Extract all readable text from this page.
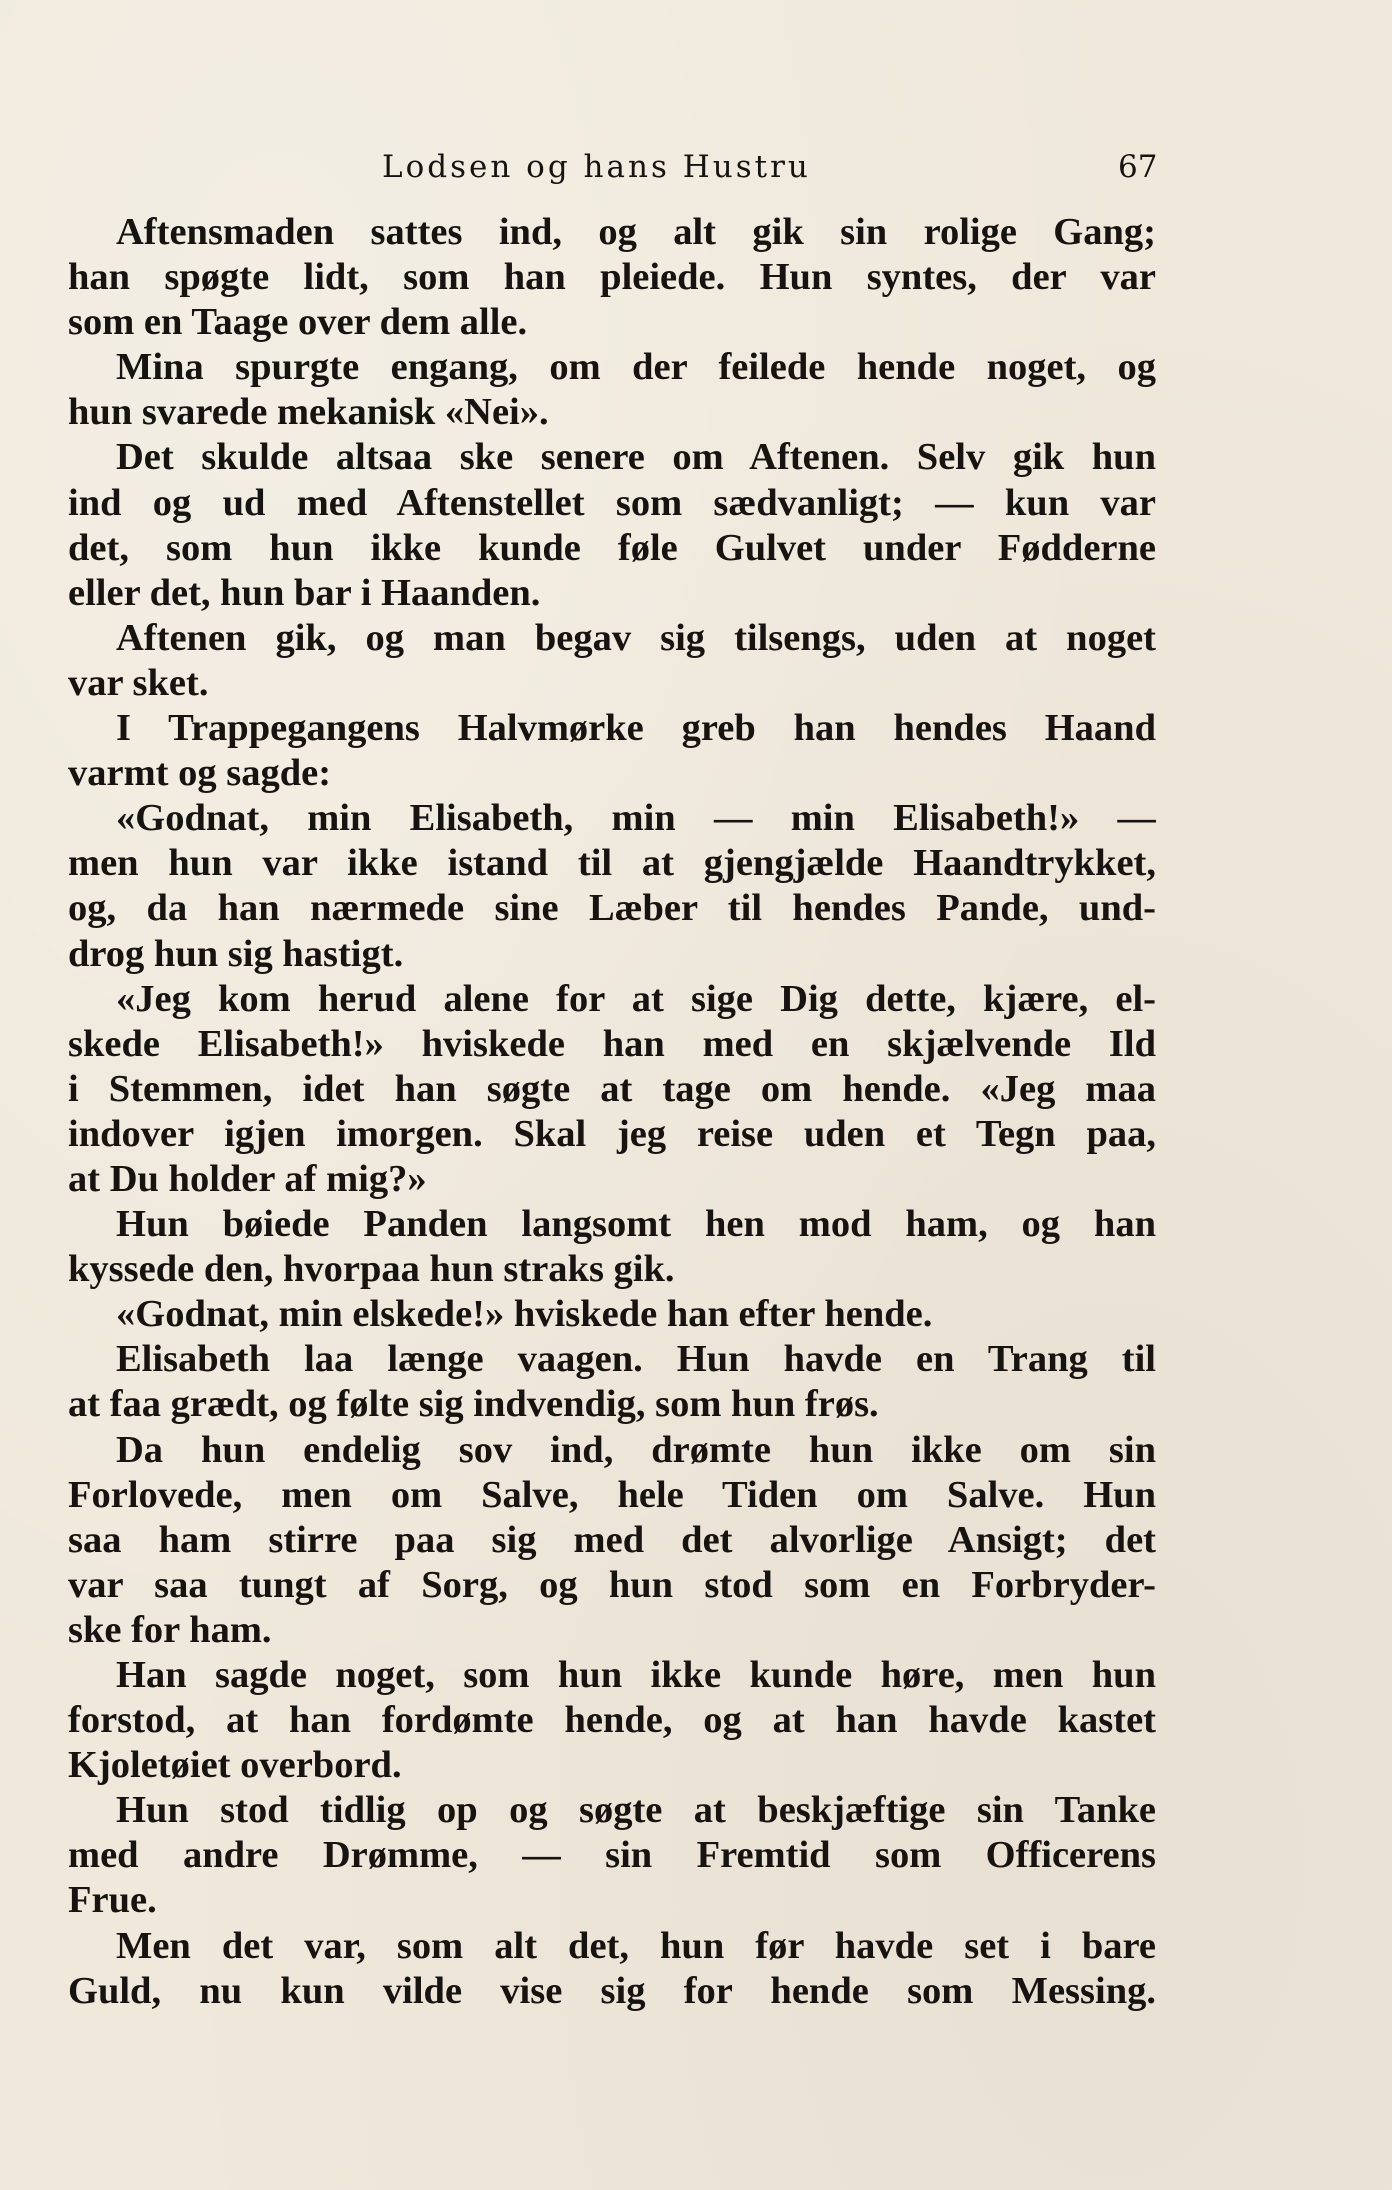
Lodsen og hans Hustru	67
Aftensmaden sattes ind, og alt gik sin rolige Gang;
han spøgte lidt, som han pleiede. Hun syntes, der var
som en Taage over dem alle.
Mina spurgte engang, om der feilede hende noget, og
hun svarede mekanisk «Nei».
Det skulde altsaa ske senere om Aftenen. Selv gik hun
ind og ud med Aftenstellet som sædvanligt; — kun var
det, som hun ikke kunde føle Gulvet under Fødderne
eller det, hun bar i Haanden.
Aftenen gik, og man begav sig tilsengs, uden at noget
var sket.
I Trappegangens Halvmørke greb han hendes Haand
varmt og sagde:
«Godnat, min Elisabeth, min — min Elisabeth!» —
men hun var ikke istand til at gjengjælde Haandtrykket,
og, da han nærmede sine Læber til hendes Pande, und-
drog hun sig hastigt.
«Jeg kom herud alene for at sige Dig dette, kjære, el-
skede Elisabeth!» hviskede han med en skjælvende Ild
i Stemmen, idet han søgte at tage om hende. «Jeg maa
indover igjen imorgen. Skal jeg reise uden et Tegn paa,
at Du holder af mig?»
Hun bøiede Panden langsomt hen mod ham, og han
kyssede den, hvorpaa hun straks gik.
«Godnat, min elskede!» hviskede han efter hende.
Elisabeth laa længe vaagen. Hun havde en Trang til
at faa grædt, og følte sig indvendig, som hun frøs.
Da hun endelig sov ind, drømte hun ikke om sin
Forlovede, men om Salve, hele Tiden om Salve. Hun
saa ham stirre paa sig med det alvorlige Ansigt; det
var saa tungt af Sorg, og hun stod som en Forbryder-
ske for ham.
Han sagde noget, som hun ikke kunde høre, men hun
forstod, at han fordømte hende, og at han havde kastet
Kjoletøiet overbord.
Hun stod tidlig op og søgte at beskjæftige sin Tanke
med andre Drømme, — sin Fremtid som Officerens
Frue.
Men det var, som alt det, hun før havde set i bare
Guld, nu kun vilde vise sig for hende som Messing.
